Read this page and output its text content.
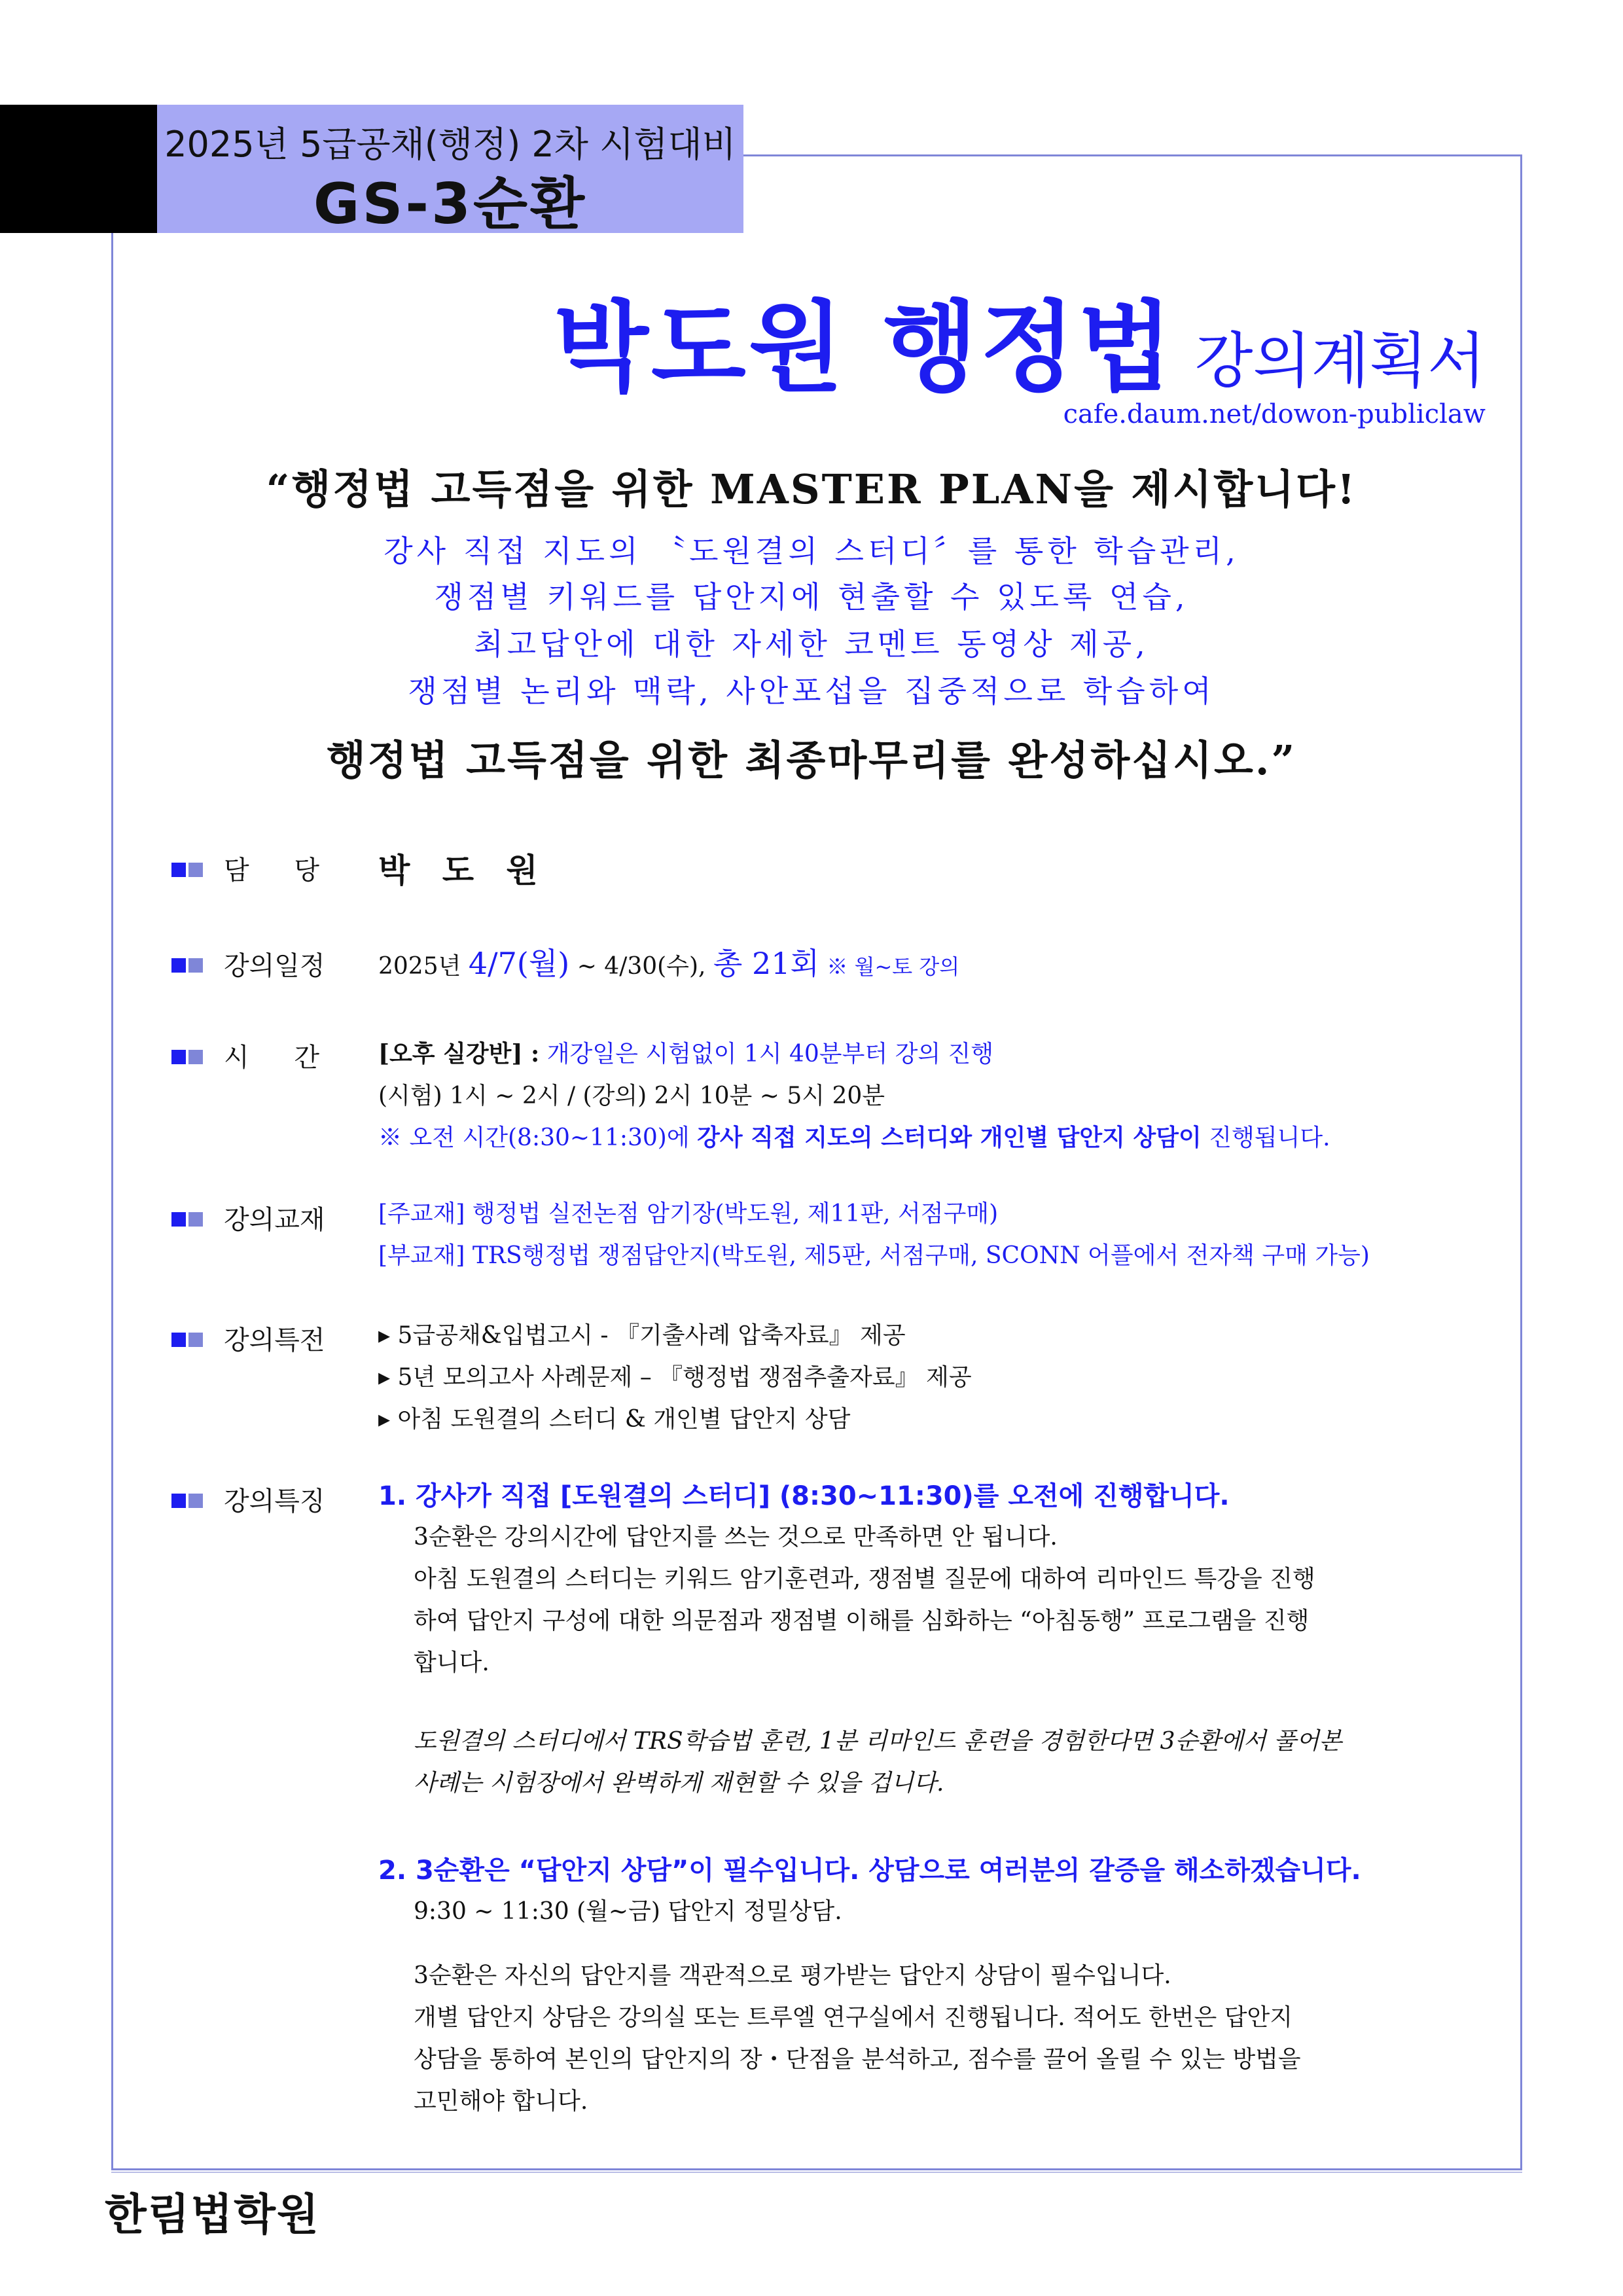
2025년 5급공채(행정) 2차 시험대비
GS-3순환
박도원 행정법 강의계획서
cafe.daum.net/dowon-publiclaw
“행정법 고득점을 위한 MASTER PLAN을 제시합니다!
강사 직접 지도의 〝도원결의 스터디〞를 통한 학습관리,
쟁점별 키워드를 답안지에 현출할 수 있도록 연습,
최고답안에 대한 자세한 코멘트 동영상 제공,
쟁점별 논리와 맥락, 사안포섭을 집중적으로 학습하여
행정법 고득점을 위한 최종마무리를 완성하십시오.”
담 당 박 도 원
강의일정 2025년 4/7(월) ~ 4/30(수), 총 21회 ※ 월~토 강의
시 간 [오후 실강반] : 개강일은 시험없이 1시 40분부터 강의 진행
(시험) 1시 ~ 2시 / (강의) 2시 10분 ~ 5시 20분
※ 오전 시간(8:30~11:30)에 강사 직접 지도의 스터디와 개인별 답안지 상담이 진행됩니다.
강의교재 [주교재] 행정법 실전논점 암기장(박도원, 제11판, 서점구매)
[부교재] TRS행정법 쟁점답안지(박도원, 제5판, 서점구매, SCONN 어플에서 전자책 구매 가능)
강의특전 ▸ 5급공채&입법고시 - 『기출사례 압축자료』 제공
▸ 5년 모의고사 사례문제 – 『행정법 쟁점추출자료』 제공
▸ 아침 도원결의 스터디 & 개인별 답안지 상담
강의특징 1. 강사가 직접 [도원결의 스터디] (8:30~11:30)를 오전에 진행합니다.
3순환은 강의시간에 답안지를 쓰는 것으로 만족하면 안 됩니다.
아침 도원결의 스터디는 키워드 암기훈련과, 쟁점별 질문에 대하여 리마인드 특강을 진행
하여 답안지 구성에 대한 의문점과 쟁점별 이해를 심화하는 “아침동행” 프로그램을 진행
합니다.
도원결의 스터디에서 TRS학습법 훈련, 1분 리마인드 훈련을 경험한다면 3순환에서 풀어본
사례는 시험장에서 완벽하게 재현할 수 있을 겁니다.
2. 3순환은 “답안지 상담”이 필수입니다. 상담으로 여러분의 갈증을 해소하겠습니다.
9:30 ~ 11:30 (월~금) 답안지 정밀상담.
3순환은 자신의 답안지를 객관적으로 평가받는 답안지 상담이 필수입니다.
개별 답안지 상담은 강의실 또는 트루엘 연구실에서 진행됩니다. 적어도 한번은 답안지
상담을 통하여 본인의 답안지의 장・단점을 분석하고, 점수를 끌어 올릴 수 있는 방법을
고민해야 합니다.
한림법학원
